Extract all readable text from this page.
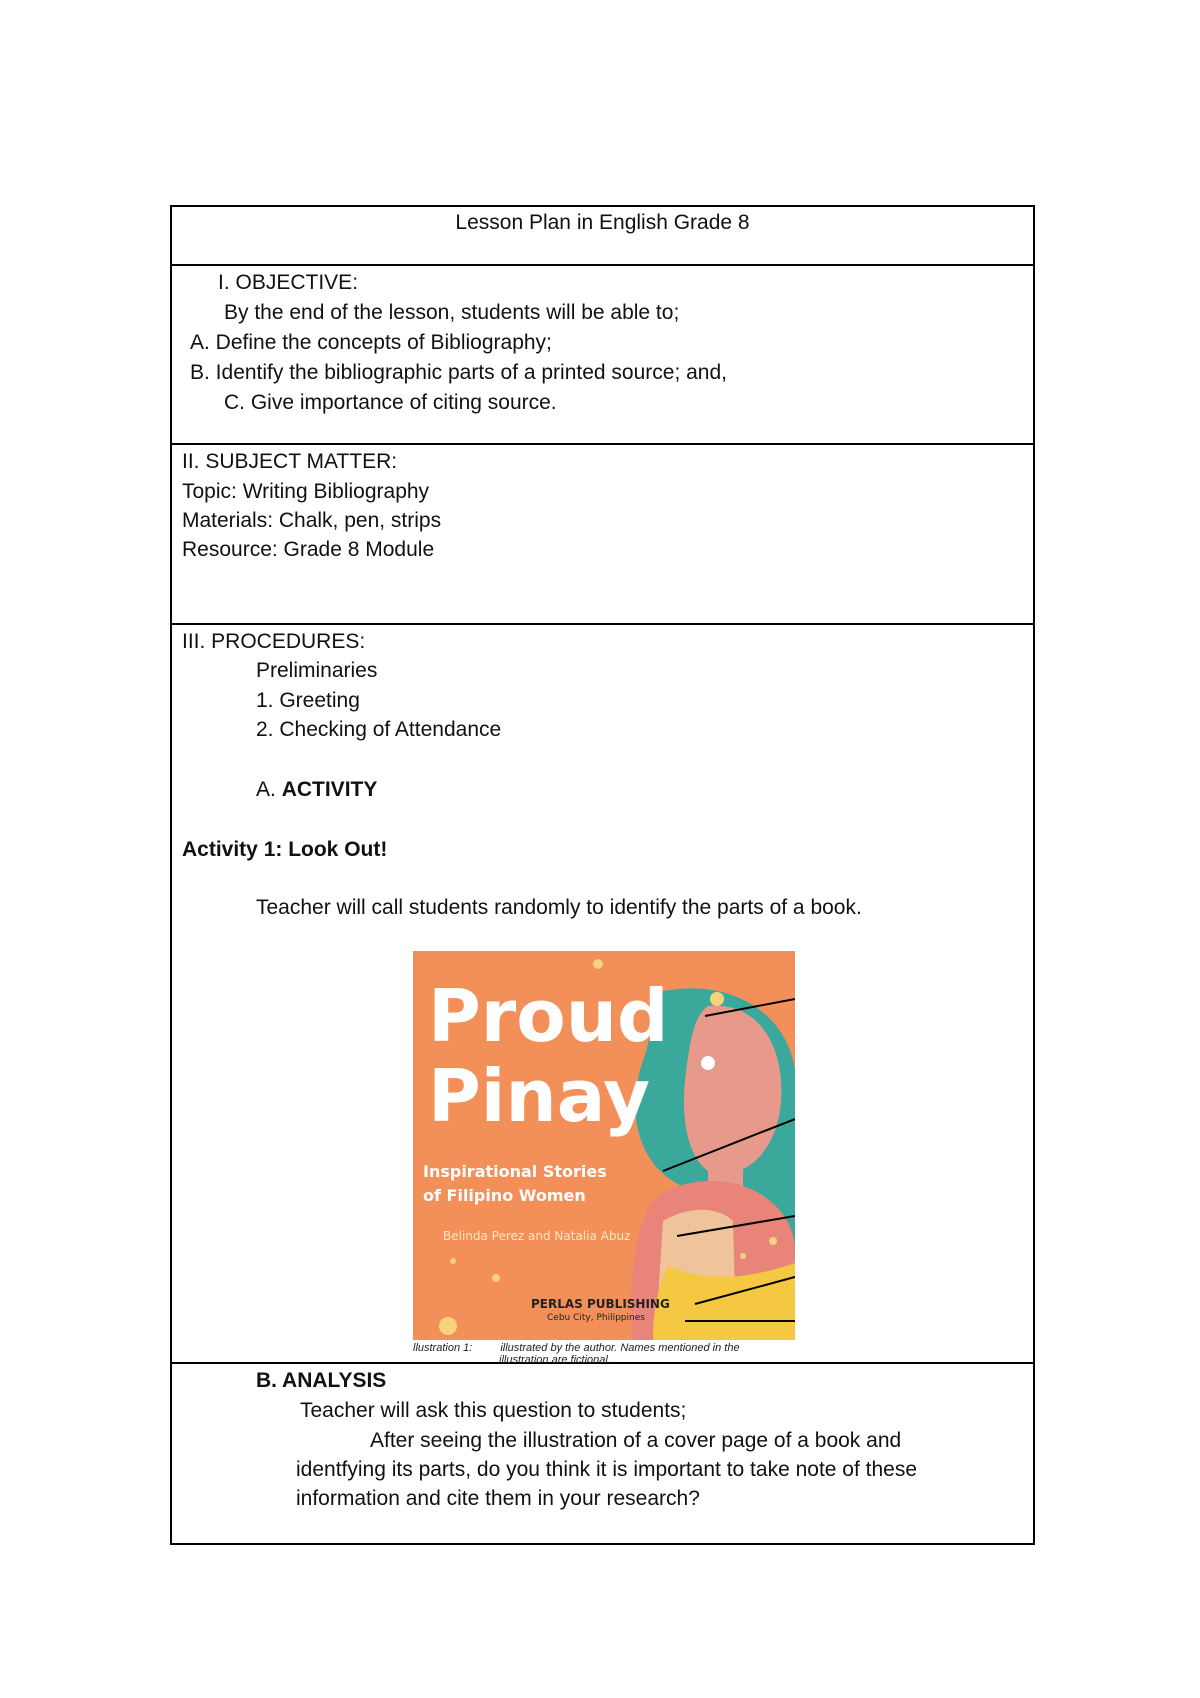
Lesson Plan in English Grade 8
I. OBJECTIVE:
By the end of the lesson, students will be able to;
A. Define the concepts of Bibliography;
B. Identify the bibliographic parts of a printed source; and,
C. Give importance of citing source.
II. SUBJECT MATTER:
Topic: Writing Bibliography
Materials: Chalk, pen, strips
Resource: Grade 8 Module
III. PROCEDURES:
Preliminaries
1. Greeting
2. Checking of Attendance
A. ACTIVITY
Activity 1: Look Out!
Teacher will call students randomly to identify the parts of a book.
Proud
Pinay
Inspirational Stories
of Filipino Women
Belinda Perez and Natalia Abuz
PERLAS PUBLISHING
Cebu City, Philippines
llustration 1:	illustrated by the author. Names mentioned in the
illustration are fictional.
B. ANALYSIS
Teacher will ask this question to students;
After seeing the illustration of a cover page of a book and
identfying its parts, do you think it is important to take note of these
information and cite them in your research?
